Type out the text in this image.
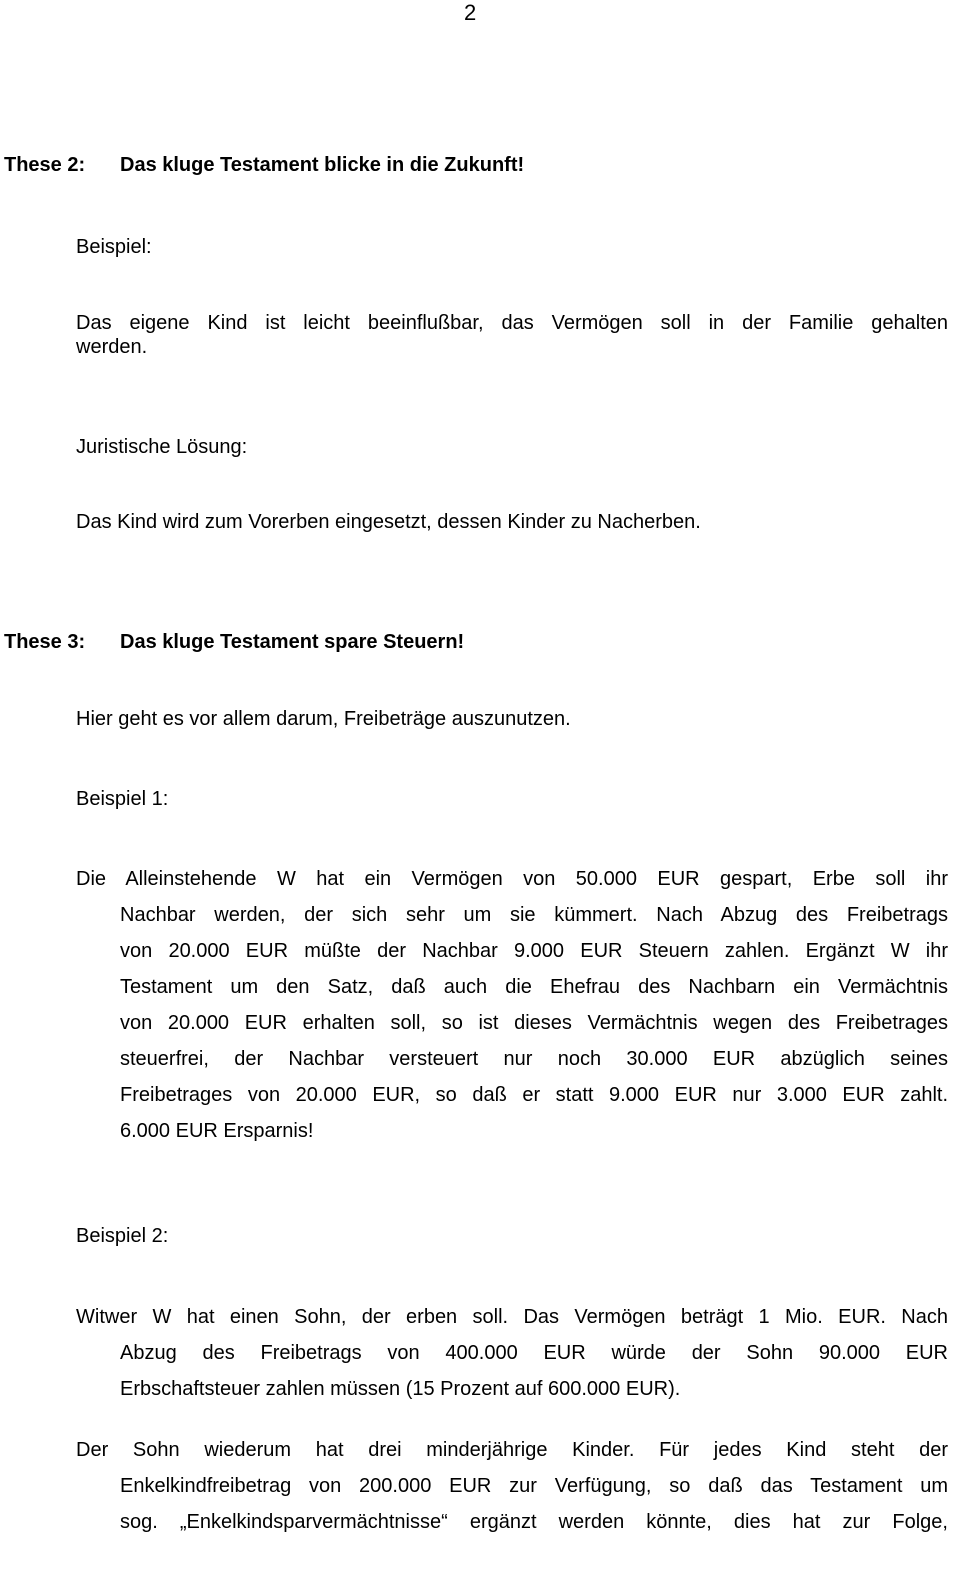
2
These 2: Das kluge Testament blicke in die Zukunft!
Beispiel:
Das eigene Kind ist leicht beeinflußbar, das Vermögen soll in der Familie gehalten
werden.
Juristische Lösung:
Das Kind wird zum Vorerben eingesetzt, dessen Kinder zu Nacherben.
These 3: Das kluge Testament spare Steuern!
Hier geht es vor allem darum, Freibeträge auszunutzen.
Beispiel 1:
Die Alleinstehende W hat ein Vermögen von 50.000 EUR gespart, Erbe soll ihr
Nachbar werden, der sich sehr um sie kümmert. Nach Abzug des Freibetrags
von 20.000 EUR müßte der Nachbar 9.000 EUR Steuern zahlen. Ergänzt W ihr
Testament um den Satz, daß auch die Ehefrau des Nachbarn ein Vermächtnis
von 20.000 EUR erhalten soll, so ist dieses Vermächtnis wegen des Freibetrages
steuerfrei, der Nachbar versteuert nur noch 30.000 EUR abzüglich seines
Freibetrages von 20.000 EUR, so daß er statt 9.000 EUR nur 3.000 EUR zahlt.
6.000 EUR Ersparnis!
Beispiel 2:
Witwer W hat einen Sohn, der erben soll. Das Vermögen beträgt 1 Mio. EUR. Nach
Abzug des Freibetrags von 400.000 EUR würde der Sohn 90.000 EUR
Erbschaftsteuer zahlen müssen (15 Prozent auf 600.000 EUR).
Der Sohn wiederum hat drei minderjährige Kinder. Für jedes Kind steht der
Enkelkindfreibetrag von 200.000 EUR zur Verfügung, so daß das Testament um
sog. „Enkelkindsparvermächtnisse“ ergänzt werden könnte, dies hat zur Folge,
